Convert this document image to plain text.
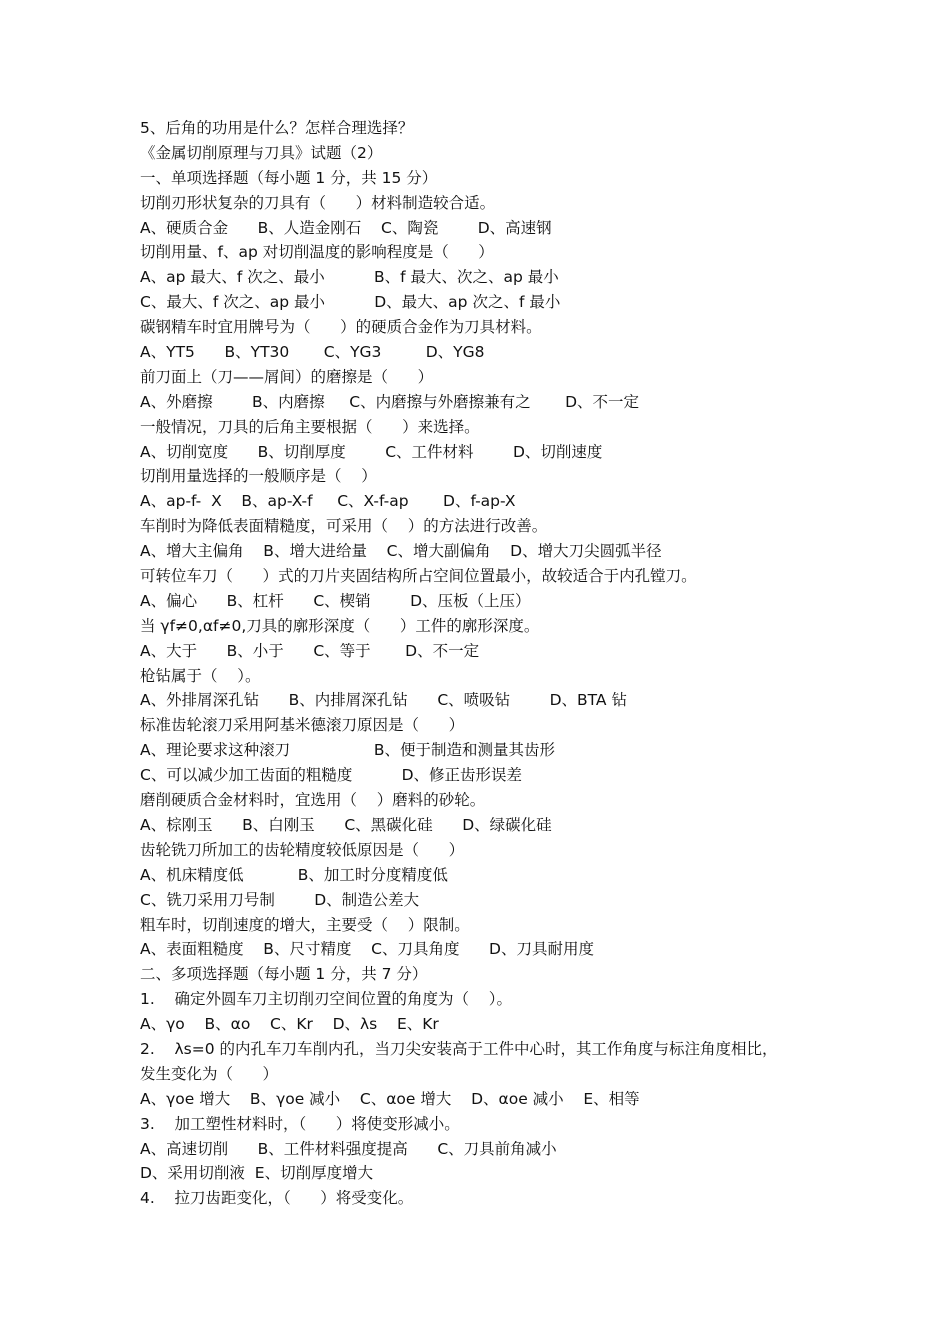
5、后角的功用是什么？怎样合理选择？
《金属切削原理与刀具》试题（2）
一、单项选择题（每小题 1 分，共 15 分）
切削刃形状复杂的刀具有（      ）材料制造较合适。
A、硬质合金      B、人造金刚石    C、陶瓷        D、高速钢
切削用量、f、ap 对切削温度的影响程度是（      ）
A、ap 最大、f 次之、最小          B、f 最大、次之、ap 最小
C、最大、f 次之、ap 最小          D、最大、ap 次之、f 最小
碳钢精车时宜用牌号为（      ）的硬质合金作为刀具材料。
A、YT5      B、YT30       C、YG3         D、YG8
前刀面上（刀——屑间）的磨擦是（      ）
A、外磨擦        B、内磨擦     C、内磨擦与外磨擦兼有之       D、不一定
一般情况，刀具的后角主要根据（      ）来选择。
A、切削宽度      B、切削厚度        C、工件材料        D、切削速度
切削用量选择的一般顺序是（    ）
A、ap-f-  X    B、ap-X-f     C、X-f-ap       D、f-ap-X
车削时为降低表面精糙度，可采用（    ）的方法进行改善。
A、增大主偏角    B、增大进给量    C、增大副偏角    D、增大刀尖圆弧半径
可转位车刀（      ）式的刀片夹固结构所占空间位置最小，故较适合于内孔镗刀。
A、偏心      B、杠杆      C、楔销        D、压板（上压）
当 γf≠0,αf≠0,刀具的廓形深度（      ）工件的廓形深度。
A、大于      B、小于      C、等于       D、不一定
枪钻属于（    ）。
A、外排屑深孔钻      B、内排屑深孔钻      C、喷吸钻        D、BTA 钻
标准齿轮滚刀采用阿基米德滚刀原因是（      ）
A、理论要求这种滚刀                 B、便于制造和测量其齿形
C、可以减少加工齿面的粗糙度          D、修正齿形误差
磨削硬质合金材料时，宜选用（    ）磨料的砂轮。
A、棕刚玉      B、白刚玉      C、黑碳化硅      D、绿碳化硅
齿轮铣刀所加工的齿轮精度较低原因是（      ）
A、机床精度低           B、加工时分度精度低
C、铣刀采用刀号制        D、制造公差大
粗车时，切削速度的增大，主要受（    ）限制。
A、表面粗糙度    B、尺寸精度    C、刀具角度      D、刀具耐用度
二、多项选择题（每小题 1 分，共 7 分）
1.    确定外圆车刀主切削刃空间位置的角度为（    ）。
A、γo    B、αo    C、Kr    D、λs    E、Kr
2.    λs=0 的内孔车刀车削内孔，当刀尖安装高于工件中心时，其工作角度与标注角度相比，
发生变化为（      ）
A、γoe 增大    B、γoe 减小    C、αoe 增大    D、αoe 减小    E、相等
3.    加工塑性材料时，（      ）将使变形减小。
A、高速切削      B、工件材料强度提高      C、刀具前角减小
D、采用切削液  E、切削厚度增大
4.    拉刀齿距变化，（      ）将受变化。
